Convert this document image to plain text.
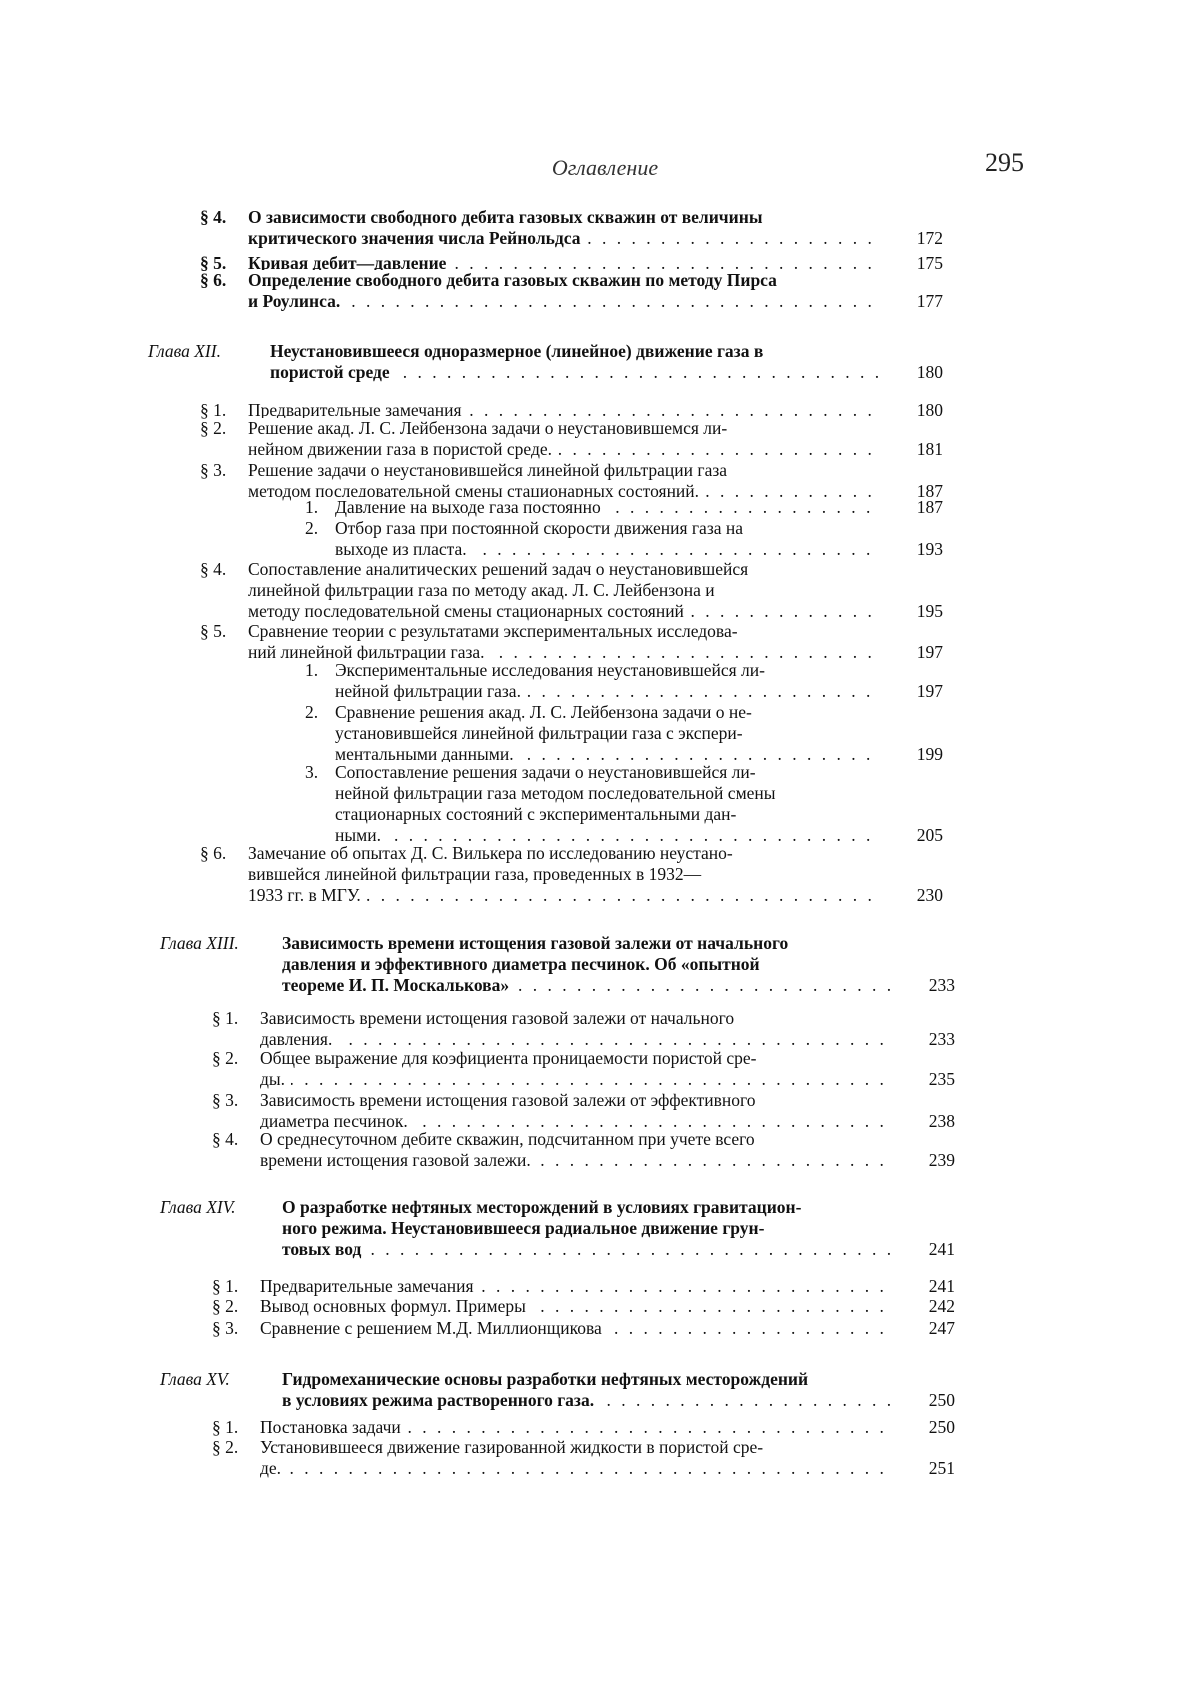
Оглавление	295
§ 4. О зависимости свободного дебита газовых скважин от величины
критического значения числа Рейнольдса . . .	172
§ 5. Кривая дебит—давление . . .	175
§ 6. Определение свободного дебита газовых скважин по методу Пирса
и Роулинса. . . .	177
Глава XII.	Неустановившееся одноразмерное (линейное) движение газа в
пористой среде . . .	180
§ 1. Предварительные замечания . . .	180
§ 2. Решение акад. Л. С. Лейбензона задачи о неустановившемся ли-
нейном движении газа в пористой среде. . . .	181
§ 3. Решение задачи о неустановившейся линейной фильтрации газа
методом последовательной смены стационарных состояний. . . .	187
1. Давление на выходе газа постоянно . . .	187
2. Отбор газа при постоянной скорости движения газа на
выходе из пласта. . . .	193
§ 4. Сопоставление аналитических решений задач о неустановившейся
линейной фильтрации газа по методу акад. Л. С. Лейбензона и
методу последовательной смены стационарных состояний . . .	195
§ 5. Сравнение теории с результатами экспериментальных исследова-
ний линейной фильтрации газа. . . .	197
1. Экспериментальные исследования неустановившейся ли-
нейной фильтрации газа. . . .	197
2. Сравнение решения акад. Л. С. Лейбензона задачи о не-
установившейся линейной фильтрации газа с экспери-
ментальными данными. . . .	199
3. Сопоставление решения задачи о неустановившейся ли-
нейной фильтрации газа методом последовательной смены
стационарных состояний с экспериментальными дан-
ными. . . .	205
§ 6. Замечание об опытах Д. С. Вилькера по исследованию неустано-
вившейся линейной фильтрации газа, проведенных в 1932—
1933 гг. в МГУ. . . .	230
Глава XIII. Зависимость времени истощения газовой залежи от начального
давления и эффективного диаметра песчинок. Об «опытной
теореме И. П. Москалькова» . . .	233
§ 1. Зависимость времени истощения газовой залежи от начального
давления. . . .	233
§ 2. Общее выражение для коэфициента проницаемости пористой сре-
ды. . . .	235
§ 3. Зависимость времени истощения газовой залежи от эффективного
диаметра песчинок. . . .	238
§ 4. О среднесуточном дебите скважин, подсчитанном при учете всего
времени истощения газовой залежи. . . .	239
Глава XIV.	О разработке нефтяных месторождений в условиях гравитацион-
ного режима. Неустановившееся радиальное движение грун-
товых вод . . .	241
§ 1. Предварительные замечания . . .	241
§ 2. Вывод основных формул. Примеры . . .	242
§ 3. Сравнение с решением М.Д. Миллионщикова . . .	247
Глава XV.	Гидромеханические основы разработки нефтяных месторождений
в условиях режима растворенного газа. . . .	250
§ 1. Постановка задачи . . .	250
§ 2. Установившееся движение газированной жидкости в пористой сре-
де. . . .	251
